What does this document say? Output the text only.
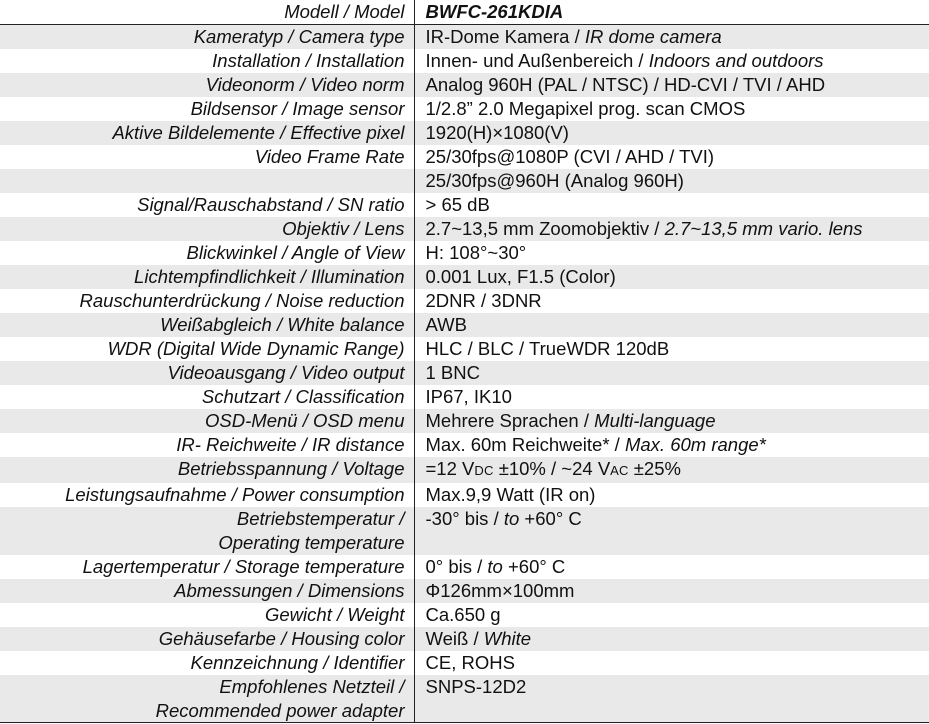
Modell / Model	BWFC-261KDIA
Kameratyp / Camera type	IR-Dome Kamera / IR dome camera
Installation / Installation	Innen- und Außenbereich / Indoors and outdoors
Videonorm / Video norm	Analog 960H (PAL / NTSC) / HD-CVI / TVI / AHD
Bildsensor / Image sensor	1/2.8” 2.0 Megapixel prog. scan CMOS
Aktive Bildelemente / Effective pixel	1920(H)×1080(V)
Video Frame Rate	25/30fps@1080P (CVI / AHD / TVI)
	25/30fps@960H (Analog 960H)
Signal/Rauschabstand / SN ratio	> 65 dB
Objektiv / Lens	2.7~13,5 mm Zoomobjektiv / 2.7~13,5 mm vario. lens
Blickwinkel / Angle of View	H: 108°~30°
Lichtempfindlichkeit / Illumination	0.001 Lux, F1.5 (Color)
Rauschunterdrückung / Noise reduction	2DNR / 3DNR
Weißabgleich / White balance	AWB
WDR (Digital Wide Dynamic Range)	HLC / BLC / TrueWDR 120dB
Videoausgang / Video output	1 BNC
Schutzart / Classification	IP67, IK10
OSD-Menü / OSD menu	Mehrere Sprachen / Multi-language
IR- Reichweite / IR distance	Max. 60m Reichweite* / Max. 60m range*
Betriebsspannung / Voltage	=12 VDC ±10% / ~24 VAC ±25%
Leistungsaufnahme / Power consumption	Max.9,9 Watt (IR on)
Betriebstemperatur /
Operating temperature	-30° bis / to +60° C
Lagertemperatur / Storage temperature	0° bis / to +60° C
Abmessungen / Dimensions	Φ126mm×100mm
Gewicht / Weight	Ca.650 g
Gehäusefarbe / Housing color	Weiß / White
Kennzeichnung / Identifier	CE, ROHS
Empfohlenes Netzteil /
Recommended power adapter	SNPS-12D2
